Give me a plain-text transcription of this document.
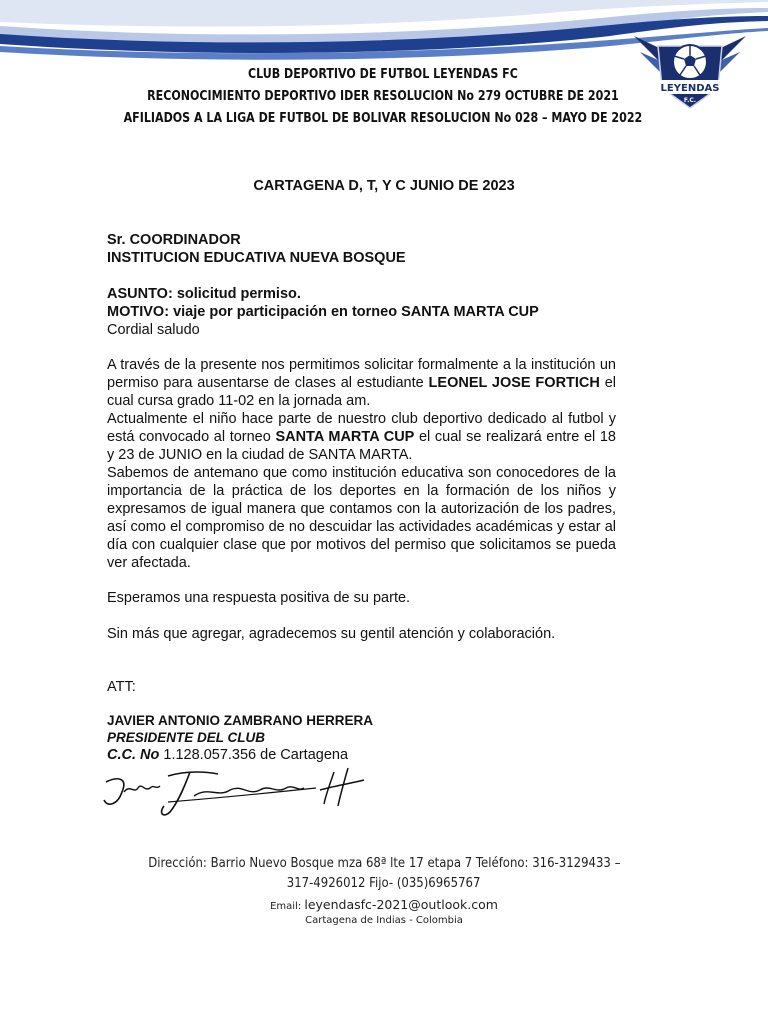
LEYENDAS
F.C.
CLUB DEPORTIVO DE FUTBOL LEYENDAS FC
RECONOCIMIENTO DEPORTIVO IDER RESOLUCION No 279 OCTUBRE DE 2021
AFILIADOS A LA LIGA DE FUTBOL DE BOLIVAR RESOLUCION No 028 – MAYO DE 2022
CARTAGENA D, T, Y C JUNIO DE 2023
Sr. COORDINADOR
INSTITUCION EDUCATIVA NUEVA BOSQUE
ASUNTO: solicitud permiso.
MOTIVO: viaje por participación en torneo SANTA MARTA CUP
Cordial saludo

A través de la presente nos permitimos solicitar formalmente a la institución un permiso para ausentarse de clases al estudiante LEONEL JOSE FORTICH el cual cursa grado 11-02 en la jornada am.

Actualmente el niño hace parte de nuestro club deportivo dedicado al futbol y está convocado al torneo SANTA MARTA CUP el cual se realizará entre el 18 y 23 de JUNIO en la ciudad de SANTA MARTA.

Sabemos de antemano que como institución educativa son conocedores de la importancia de la práctica de los deportes en la formación de los niños y expresamos de igual manera que contamos con la autorización de los padres, así como el compromiso de no descuidar las actividades académicas y estar al día con cualquier clase que por motivos del permiso que solicitamos se pueda ver afectada.

Esperamos una respuesta positiva de su parte.
Sin más que agregar, agradecemos su gentil atención y colaboración.
ATT:
JAVIER ANTONIO ZAMBRANO HERRERA
PRESIDENTE DEL CLUB
C.C. No 1.128.057.356 de Cartagena
Javier Zambrano H
Dirección: Barrio Nuevo Bosque mza 68ª lte 17 etapa 7 Teléfono: 316-3129433 –
317-4926012 Fijo- (035)6965767
Email: leyendasfc-2021@outlook.com
Cartagena de Indias - Colombia
